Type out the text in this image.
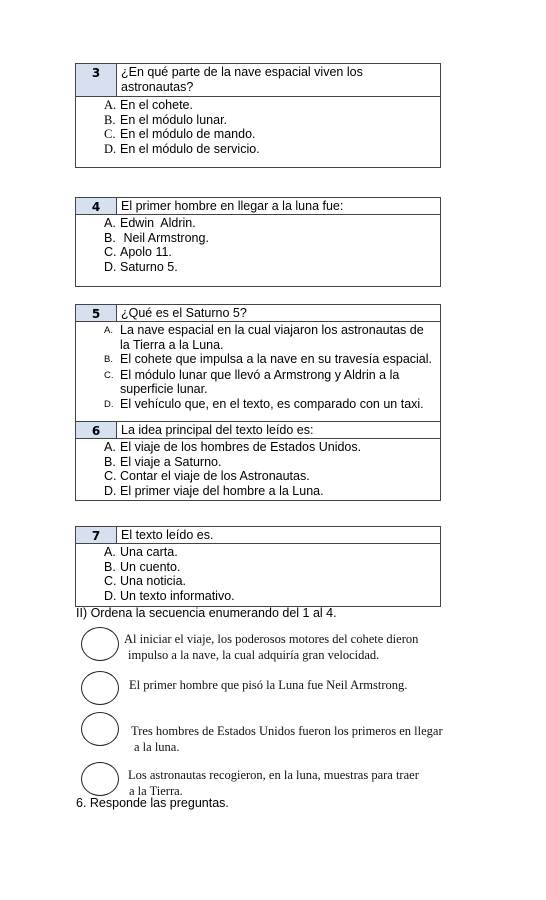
3	¿En qué parte de la nave espacial viven los astronautas?
A. En el cohete.
B. En el módulo lunar.
C. En el módulo de mando.
D. En el módulo de servicio.
4	El primer hombre en llegar a la luna fue:
A. Edwin  Aldrin.
B. Neil Armstrong.
C. Apolo 11.
D. Saturno 5.
5	¿Qué es el Saturno 5?
A. La nave espacial en la cual viajaron los astronautas de la Tierra a la Luna.
B. El cohete que impulsa a la nave en su travesía espacial.
C. El módulo lunar que llevó a Armstrong y Aldrin a la superficie lunar.
D. El vehículo que, en el texto, es comparado con un taxi.
6	La idea principal del texto leído es:
A. El viaje de los hombres de Estados Unidos.
B. El viaje a Saturno.
C. Contar el viaje de los Astronautas.
D. El primer viaje del hombre a la Luna.
7	El texto leído es.
A. Una carta.
B. Un cuento.
C. Una noticia.
D. Un texto informativo.
II) Ordena la secuencia enumerando del 1 al 4.
Al iniciar el viaje, los poderosos motores del cohete dieron
impulso a la nave, la cual adquiría gran velocidad.
El primer hombre que pisó la Luna fue Neil Armstrong.
Tres hombres de Estados Unidos fueron los primeros en llegar
a la luna.
Los astronautas recogieron, en la luna, muestras para traer
a la Tierra.
6. Responde las preguntas.
